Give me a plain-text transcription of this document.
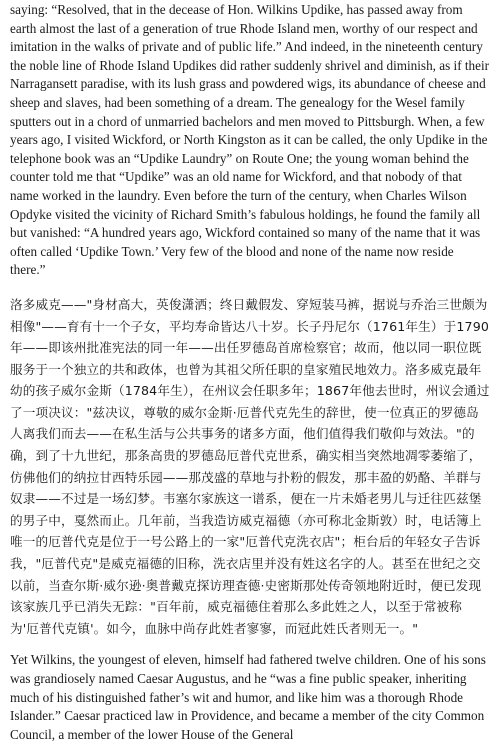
saying: “Resolved, that in the decease of Hon. Wilkins Updike, has passed away from earth almost the last of a generation of true Rhode Island men, worthy of our respect and imitation in the walks of private and of public life.” And indeed, in the nineteenth century the noble line of Rhode Island Updikes did rather suddenly shrivel and diminish, as if their Narragansett paradise, with its lush grass and powdered wigs, its abundance of cheese and sheep and slaves, had been something of a dream. The genealogy for the Wesel family sputters out in a chord of unmarried bachelors and men moved to Pittsburgh. When, a few years ago, I visited Wickford, or North Kingston as it can be called, the only Updike in the telephone book was an “Updike Laundry” on Route One; the young woman behind the counter told me that “Updike” was an old name for Wickford, and that nobody of that name worked in the laundry. Even before the turn of the century, when Charles Wilson Opdyke visited the vicinity of Richard Smith’s fabulous holdings, he found the family all but vanished: “A hundred years ago, Wickford contained so many of the name that it was often called ‘Updike Town.’ Very few of the blood and none of the name now reside there.”

洛多威克——"身材高大，英俊潇洒；终日戴假发、穿短装马裤，据说与乔治三世颇为相像"——育有十一个子女，平均寿命皆达八十岁。长子丹尼尔（1761年生）于1790年——即该州批准宪法的同一年——出任罗德岛首席检察官；故而，他以同一职位既服务于一个独立的共和政体，也曾为其祖父所任职的皇家殖民地效力。洛多威克最年幼的孩子威尔金斯（1784年生），在州议会任职多年；1867年他去世时，州议会通过了一项决议："兹决议，尊敬的威尔金斯·厄普代克先生的辞世，使一位真正的罗德岛人离我们而去——在私生活与公共事务的诸多方面，他们值得我们敬仰与效法。"的确，到了十九世纪，那条高贵的罗德岛厄普代克世系，确实相当突然地凋零萎缩了，仿佛他们的纳拉甘西特乐园——那茂盛的草地与扑粉的假发，那丰盈的奶酪、羊群与奴隶——不过是一场幻梦。韦塞尔家族这一谱系，便在一片未婚老男儿与迁往匹兹堡的男子中，戛然而止。几年前，当我造访威克福德（亦可称北金斯敦）时，电话簿上唯一的厄普代克是位于一号公路上的一家"厄普代克洗衣店"；柜台后的年轻女子告诉我，"厄普代克"是威克福德的旧称，洗衣店里并没有姓这名字的人。甚至在世纪之交以前，当查尔斯·威尔逊·奥普戴克探访理查德·史密斯那处传奇领地附近时，便已发现该家族几乎已消失无踪："百年前，威克福德住着那么多此姓之人，以至于常被称为'厄普代克镇'。如今，血脉中尚存此姓者寥寥，而冠此姓氏者则无一。"

Yet Wilkins, the youngest of eleven, himself had fathered twelve children. One of his sons was grandiosely named Caesar Augustus, and he “was a fine public speaker, inheriting much of his distinguished father’s wit and humor, and like him was a thorough Rhode Islander.” Caesar practiced law in Providence, and became a member of the city Common Council, a member of the lower House of the General
